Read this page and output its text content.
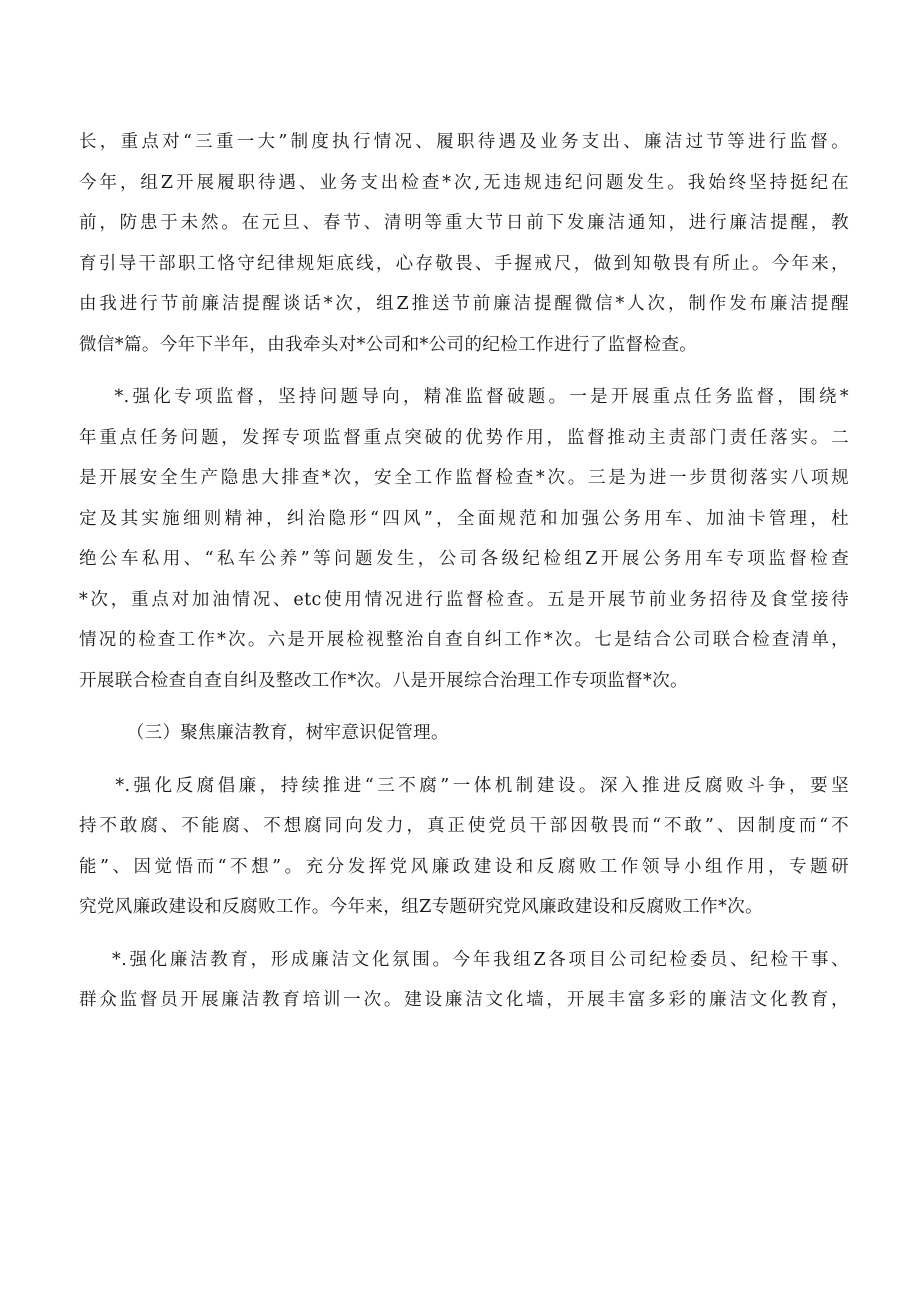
长，重点对“三重一大”制度执行情况、履职待遇及业务支出、廉洁过节等进行监督。
今年，组Z开展履职待遇、业务支出检查*次,无违规违纪问题发生。我始终坚持挺纪在
前，防患于未然。在元旦、春节、清明等重大节日前下发廉洁通知，进行廉洁提醒，教
育引导干部职工恪守纪律规矩底线，心存敬畏、手握戒尺，做到知敬畏有所止。今年来，
由我进行节前廉洁提醒谈话*次，组Z推送节前廉洁提醒微信*人次，制作发布廉洁提醒
微信*篇。今年下半年，由我牵头对*公司和*公司的纪检工作进行了监督检查。
*.强化专项监督，坚持问题导向，精准监督破题。一是开展重点任务监督，围绕*
年重点任务问题，发挥专项监督重点突破的优势作用，监督推动主责部门责任落实。二
是开展安全生产隐患大排查*次，安全工作监督检查*次。三是为进一步贯彻落实八项规
定及其实施细则精神，纠治隐形“四风”，全面规范和加强公务用车、加油卡管理，杜
绝公车私用、“私车公养”等问题发生，公司各级纪检组Z开展公务用车专项监督检查
*次，重点对加油情况、etc使用情况进行监督检查。五是开展节前业务招待及食堂接待
情况的检查工作*次。六是开展检视整治自查自纠工作*次。七是结合公司联合检查清单，
开展联合检查自查自纠及整改工作*次。八是开展综合治理工作专项监督*次。
（三）聚焦廉洁教育，树牢意识促管理。
*.强化反腐倡廉，持续推进“三不腐”一体机制建设。深入推进反腐败斗争，要坚
持不敢腐、不能腐、不想腐同向发力，真正使党员干部因敬畏而“不敢”、因制度而“不
能”、因觉悟而“不想”。充分发挥党风廉政建设和反腐败工作领导小组作用，专题研
究党风廉政建设和反腐败工作。今年来，组Z专题研究党风廉政建设和反腐败工作*次。
*.强化廉洁教育，形成廉洁文化氛围。今年我组Z各项目公司纪检委员、纪检干事、
群众监督员开展廉洁教育培训一次。建设廉洁文化墙，开展丰富多彩的廉洁文化教育，
